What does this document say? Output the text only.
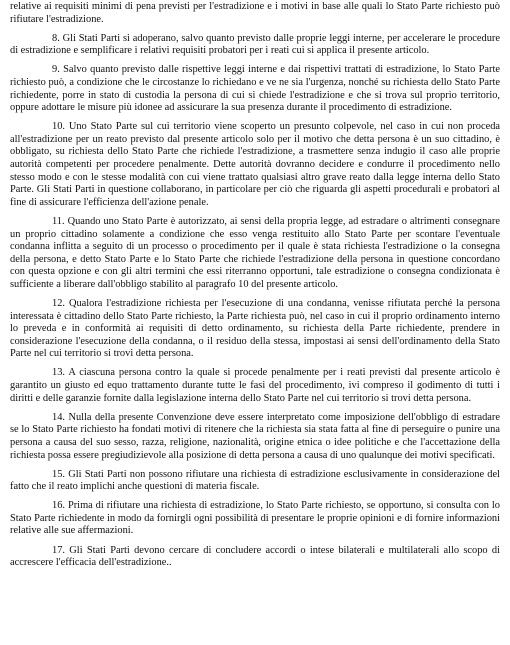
relative ai requisiti minimi di pena previsti per l'estradizione e i motivi in base alle quali lo Stato Parte richiesto può rifiutare l'estradizione.

8. Gli Stati Parti si adoperano, salvo quanto previsto dalle proprie leggi interne, per accelerare le procedure di estradizione e semplificare i relativi requisiti probatori per i reati cui si applica il presente articolo.

9. Salvo quanto previsto dalle rispettive leggi interne e dai rispettivi trattati di estradizione, lo Stato Parte richiesto può, a condizione che le circostanze lo richiedano e ve ne sia l'urgenza, nonché su richiesta dello Stato Parte richiedente, porre in stato di custodia la persona di cui si chiede l'estradizione e che si trova sul proprio territorio, oppure adottare le misure più idonee ad assicurare la sua presenza durante il procedimento di estradizione.

10. Uno Stato Parte sul cui territorio viene scoperto un presunto colpevole, nel caso in cui non proceda all'estradizione per un reato previsto dal presente articolo solo per il motivo che detta persona è un suo cittadino, è obbligato, su richiesta dello Stato Parte che richiede l'estradizione, a trasmettere senza indugio il caso alle proprie autorità competenti per procedere penalmente. Dette autorità dovranno decidere e condurre il procedimento nello stesso modo e con le stesse modalità con cui viene trattato qualsiasi altro grave reato dalla legge interna dello Stato Parte. Gli Stati Parti in questione collaborano, in particolare per ciò che riguarda gli aspetti procedurali e probatori al fine di assicurare l'efficienza dell'azione penale.

11. Quando uno Stato Parte è autorizzato, ai sensi della propria legge, ad estradare o altrimenti consegnare un proprio cittadino solamente a condizione che esso venga restituito allo Stato Parte per scontare l'eventuale condanna inflitta a seguito di un processo o procedimento per il quale è stata richiesta l'estradizione o la consegna della persona, e detto Stato Parte e lo Stato Parte che richiede l'estradizione della persona in questione concordano con questa opzione e con gli altri termini che essi riterranno opportuni, tale estradizione o consegna condizionata è sufficiente a liberare dall'obbligo stabilito al paragrafo 10 del presente articolo.

12. Qualora l'estradizione richiesta per l'esecuzione di una condanna, venisse rifiutata perché la persona interessata è cittadino dello Stato Parte richiesto, la Parte richiesta può, nel caso in cui il proprio ordinamento interno lo preveda e in conformità ai requisiti di detto ordinamento, su richiesta della Parte richiedente, prendere in considerazione l'esecuzione della condanna, o il residuo della stessa, impostasi ai sensi dell'ordinamento della Stato Parte nel cui territorio si trovi detta persona.

13. A ciascuna persona contro la quale si procede penalmente per i reati previsti dal presente articolo è garantito un giusto ed equo trattamento durante tutte le fasi del procedimento, ivi compreso il godimento di tutti i diritti e delle garanzie fornite dalla legislazione interna dello Stato Parte nel cui territorio si trovi detta persona.

14. Nulla della presente Convenzione deve essere interpretato come imposizione dell'obbligo di estradare se lo Stato Parte richiesto ha fondati motivi di ritenere che la richiesta sia stata fatta al fine di perseguire o punire una persona a causa del suo sesso, razza, religione, nazionalità, origine etnica o idee politiche e che l'accettazione della richiesta possa essere pregiudizievole alla posizione di detta persona a causa di uno qualunque dei motivi specificati.

15. Gli Stati Parti non possono rifiutare una richiesta di estradizione esclusivamente in considerazione del fatto che il reato implichi anche questioni di materia fiscale.

16. Prima di rifiutare una richiesta di estradizione, lo Stato Parte richiesto, se opportuno, si consulta con lo Stato Parte richiedente in modo da fornirgli ogni possibilità di presentare le proprie opinioni e di fornire informazioni relative alle sue affermazioni.

17. Gli Stati Parti devono cercare di concludere accordi o intese bilaterali e multilaterali allo scopo di accrescere l'efficacia dell'estradizione..
